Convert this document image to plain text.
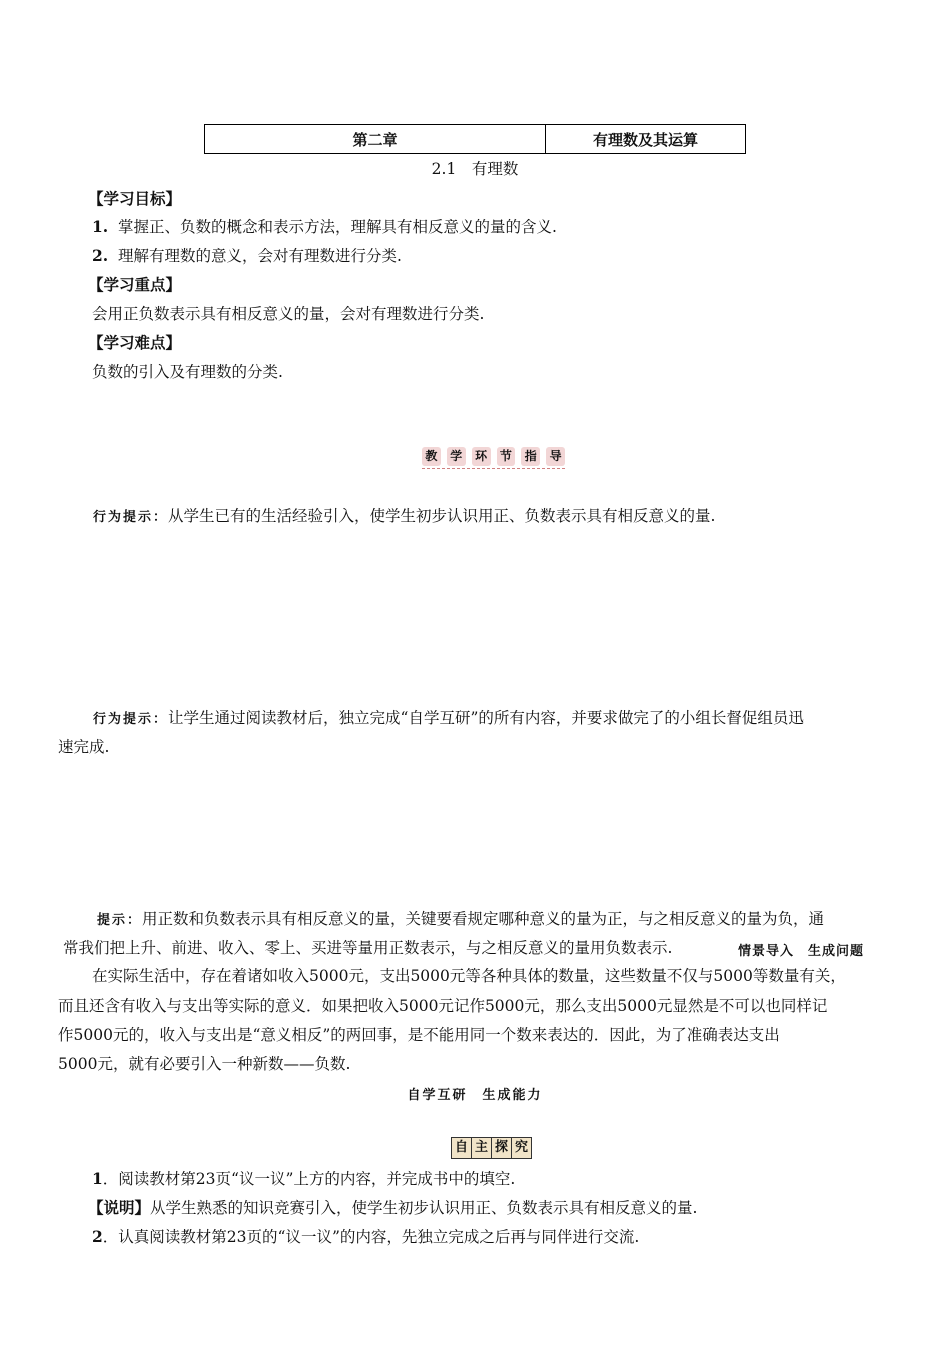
第二章	有理数及其运算
2.1　有理数
【学习目标】
1. 掌握正、负数的概念和表示方法，理解具有相反意义的量的含义.
2. 理解有理数的意义，会对有理数进行分类.
【学习重点】
会用正负数表示具有相反意义的量，会对有理数进行分类.
【学习难点】
负数的引入及有理数的分类.
教 学 环 节 指 导
行为提示：从学生已有的生活经验引入，使学生初步认识用正、负数表示具有相反意义的量.
行为提示：让学生通过阅读教材后，独立完成“自学互研”的所有内容，并要求做完了的小组长督促组员迅
速完成.
提示：用正数和负数表示具有相反意义的量，关键要看规定哪种意义的量为正，与之相反意义的量为负，通
常我们把上升、前进、收入、零上、买进等量用正数表示，与之相反意义的量用负数表示.	情景导入　生成问题
在实际生活中，存在着诸如收入5000元，支出5000元等各种具体的数量，这些数量不仅与5000等数量有关，
而且还含有收入与支出等实际的意义．如果把收入5000元记作5000元，那么支出5000元显然是不可以也同样记
作5000元的，收入与支出是“意义相反”的两回事，是不能用同一个数来表达的．因此，为了准确表达支出
5000元，就有必要引入一种新数——负数.
自学互研　生成能力
自 主 探 究
1．阅读教材第23页“议一议”上方的内容，并完成书中的填空.
【说明】从学生熟悉的知识竞赛引入，使学生初步认识用正、负数表示具有相反意义的量.
2．认真阅读教材第23页的“议一议”的内容，先独立完成之后再与同伴进行交流.
